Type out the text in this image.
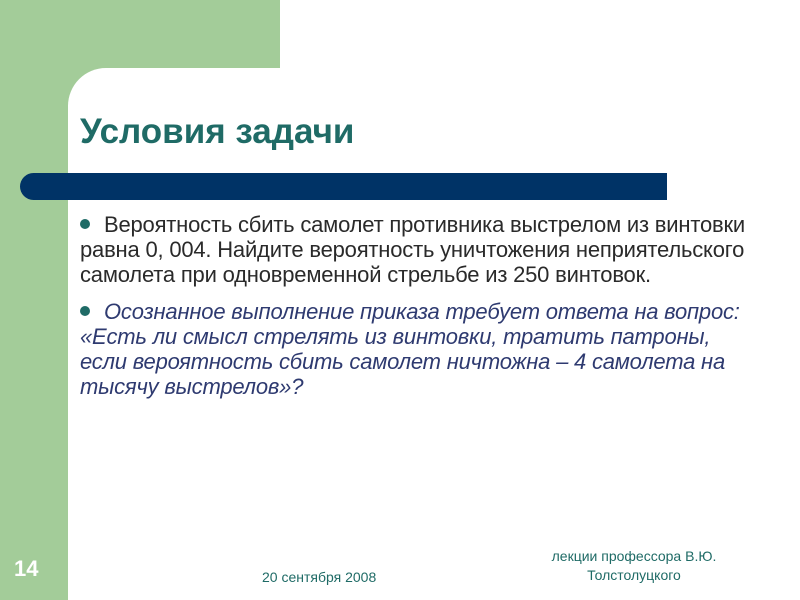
Условия задачи

Вероятность сбить самолет противника выстрелом из винтовки равна 0, 004. Найдите вероятность уничтожения неприятельского самолета при одновременной стрельбе из 250 винтовок.

Осознанное выполнение приказа требует ответа на вопрос: «Есть ли смысл стрелять из винтовки, тратить патроны, если вероятность сбить самолет ничтожна – 4 самолета на тысячу выстрелов»?

14	20 сентября 2008
лекции профессора В.Ю.
Толстолуцкого
